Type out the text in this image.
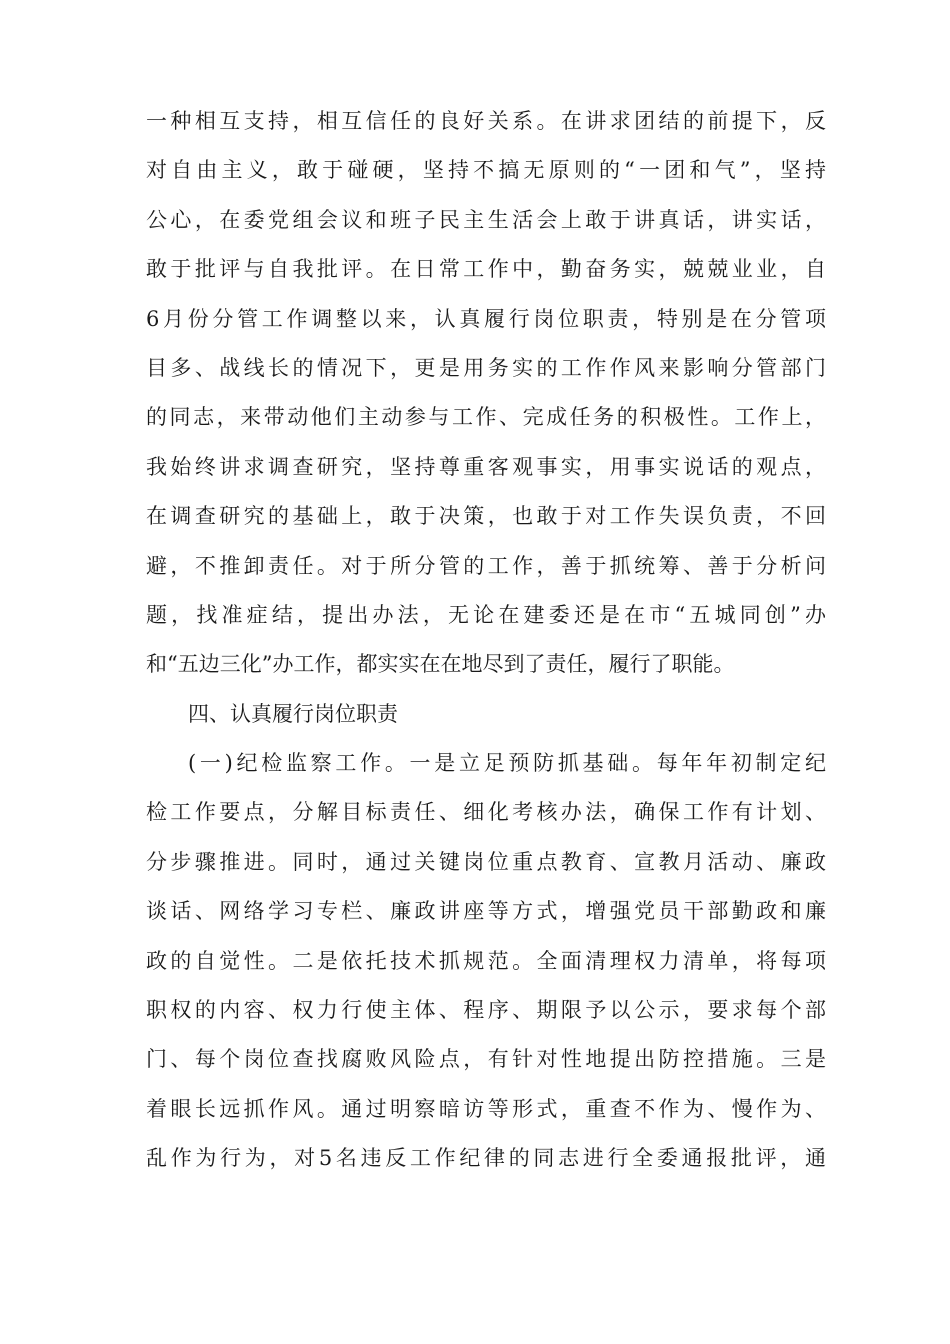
一种相互支持，相互信任的良好关系。在讲求团结的前提下，反
对自由主义，敢于碰硬，坚持不搞无原则的“一团和气”，坚持
公心，在委党组会议和班子民主生活会上敢于讲真话，讲实话，
敢于批评与自我批评。在日常工作中，勤奋务实，兢兢业业，自
6月份分管工作调整以来，认真履行岗位职责，特别是在分管项
目多、战线长的情况下，更是用务实的工作作风来影响分管部门
的同志，来带动他们主动参与工作、完成任务的积极性。工作上，
我始终讲求调查研究，坚持尊重客观事实，用事实说话的观点，
在调查研究的基础上，敢于决策，也敢于对工作失误负责，不回
避，不推卸责任。对于所分管的工作，善于抓统筹、善于分析问
题，找准症结，提出办法，无论在建委还是在市“五城同创”办
和“五边三化”办工作，都实实在在地尽到了责任，履行了职能。
四、认真履行岗位职责
(一)纪检监察工作。一是立足预防抓基础。每年年初制定纪
检工作要点，分解目标责任、细化考核办法，确保工作有计划、
分步骤推进。同时，通过关键岗位重点教育、宣教月活动、廉政
谈话、网络学习专栏、廉政讲座等方式，增强党员干部勤政和廉
政的自觉性。二是依托技术抓规范。全面清理权力清单，将每项
职权的内容、权力行使主体、程序、期限予以公示，要求每个部
门、每个岗位查找腐败风险点，有针对性地提出防控措施。三是
着眼长远抓作风。通过明察暗访等形式，重查不作为、慢作为、
乱作为行为，对5名违反工作纪律的同志进行全委通报批评，通
